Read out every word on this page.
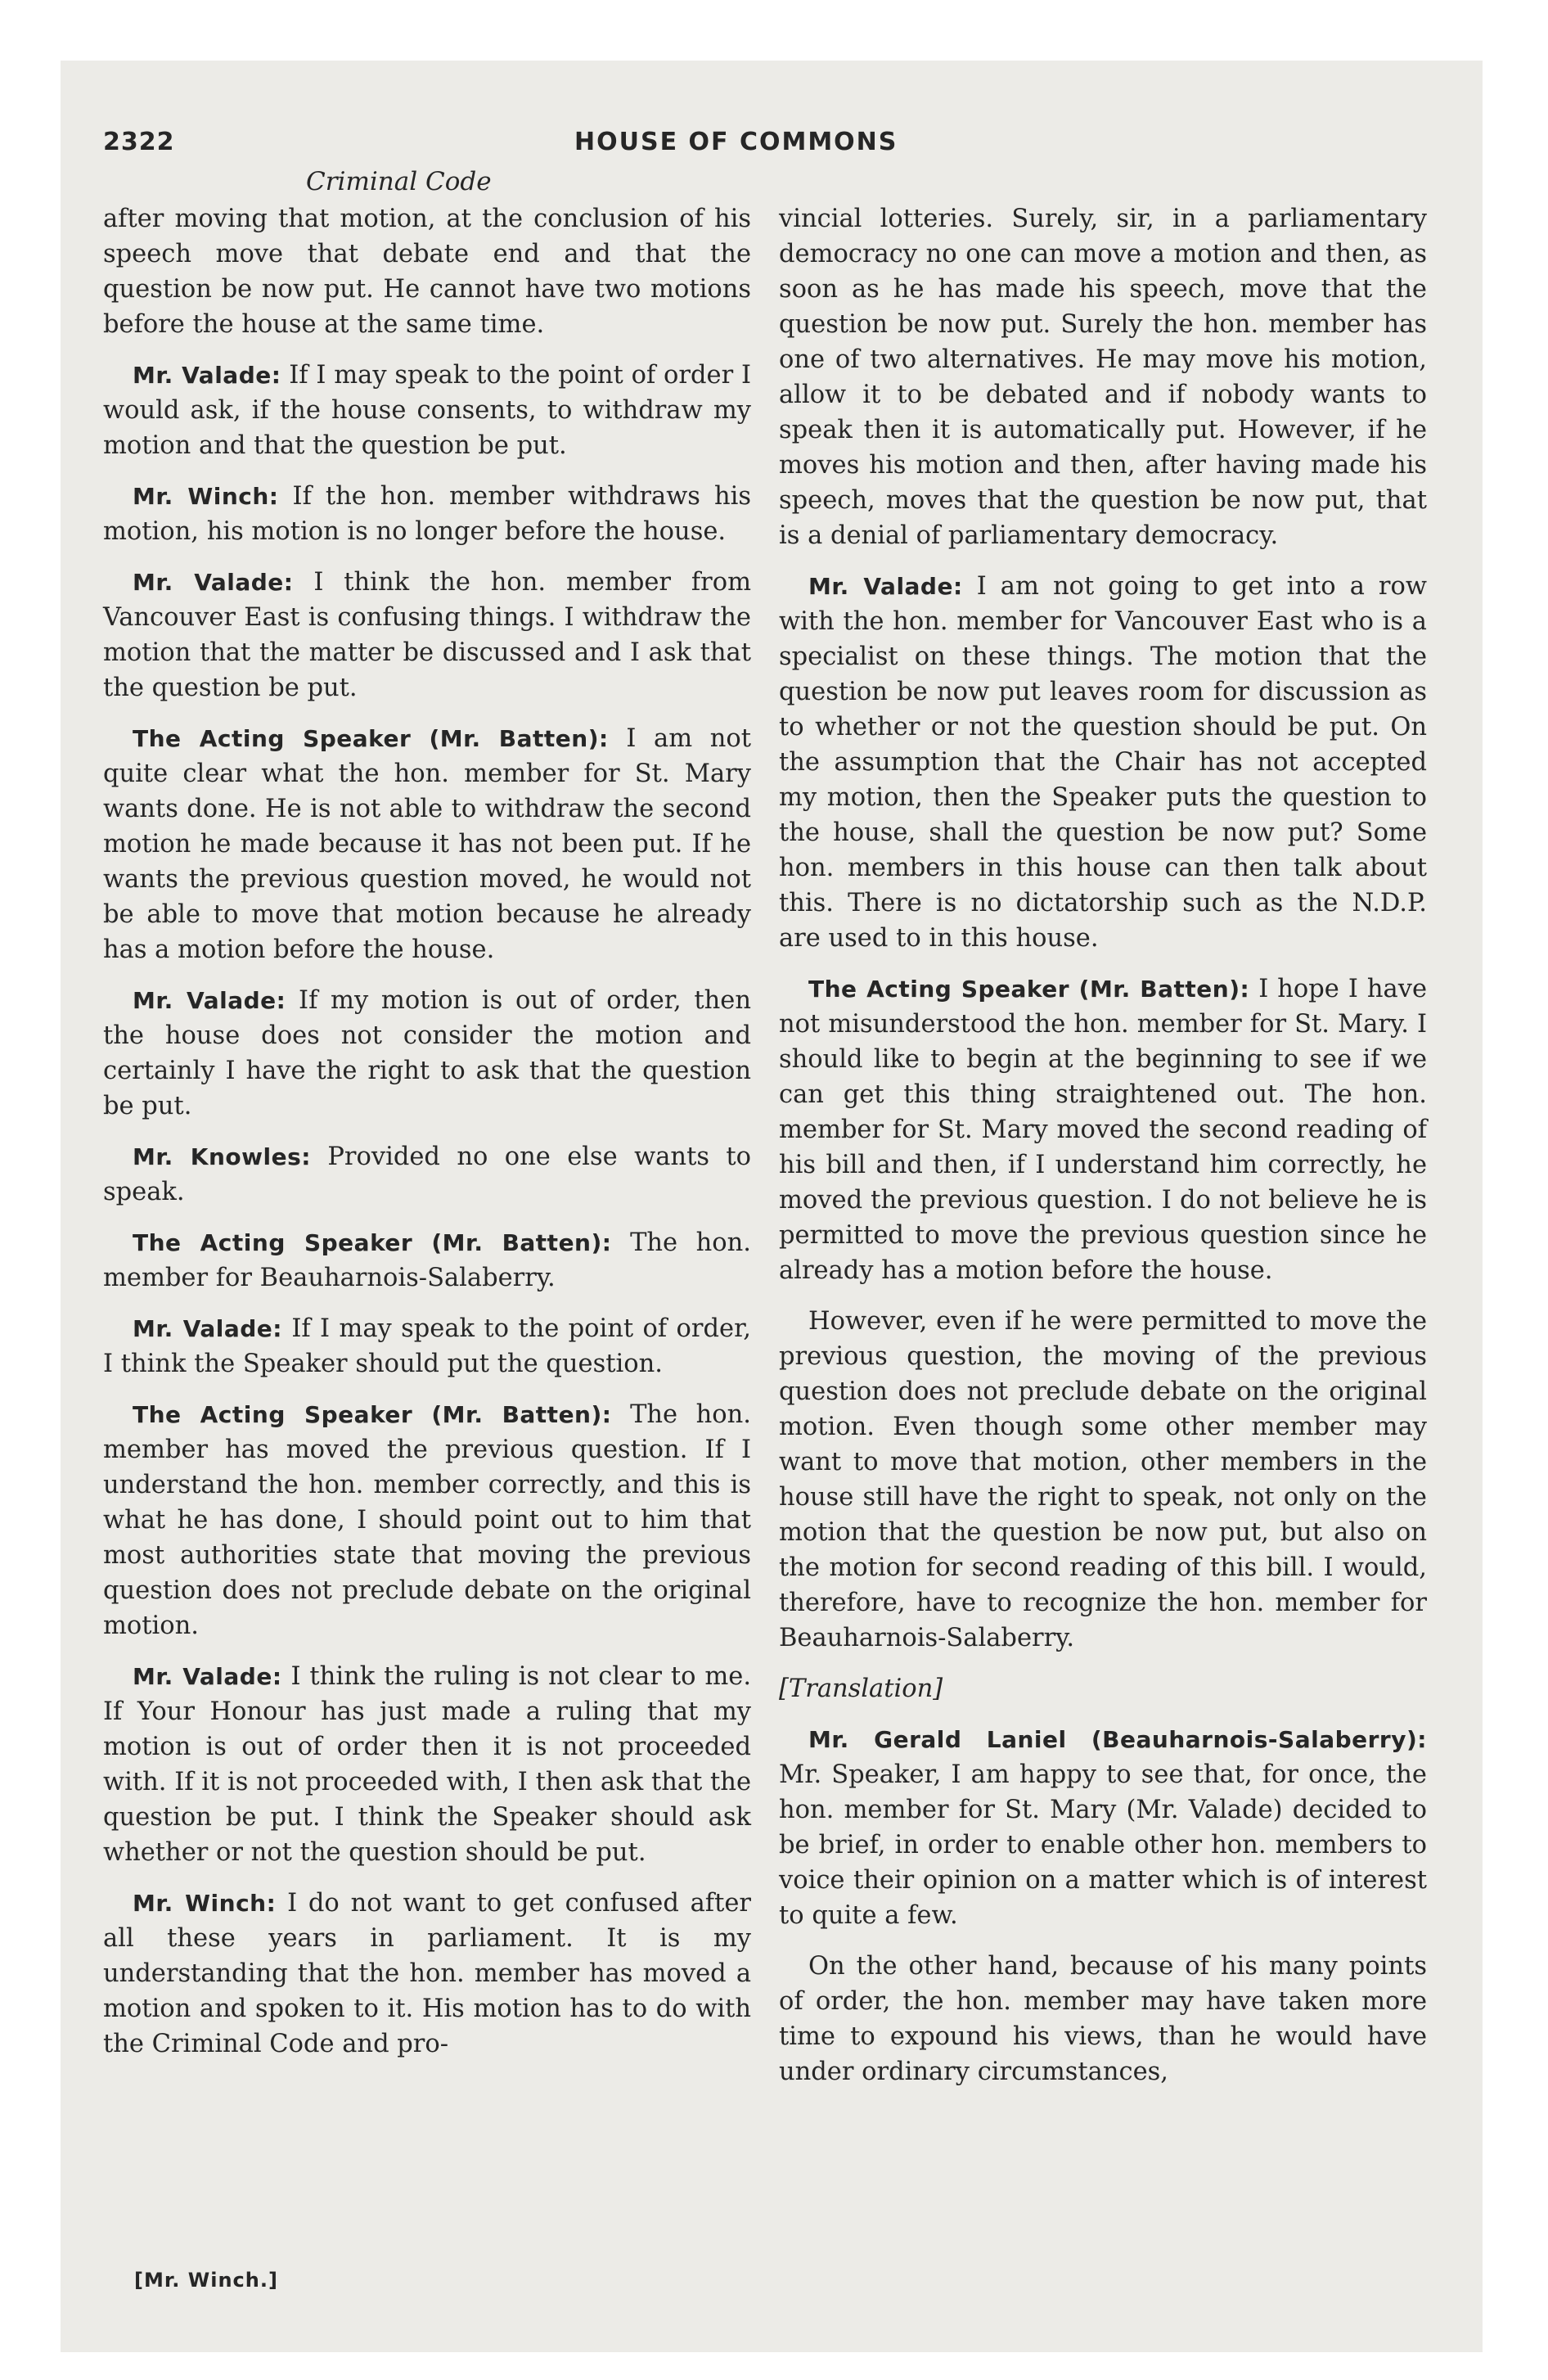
2322	HOUSE OF COMMONS
Criminal Code

after moving that motion, at the conclusion of his speech move that debate end and that the question be now put. He cannot have two motions before the house at the same time.

Mr. Valade: If I may speak to the point of order I would ask, if the house consents, to withdraw my motion and that the question be put.

Mr. Winch: If the hon. member withdraws his motion, his motion is no longer before the house.

Mr. Valade: I think the hon. member from Vancouver East is confusing things. I withdraw the motion that the matter be discussed and I ask that the question be put.

The Acting Speaker (Mr. Batten): I am not quite clear what the hon. member for St. Mary wants done. He is not able to withdraw the second motion he made because it has not been put. If he wants the previous question moved, he would not be able to move that motion because he already has a motion before the house.

Mr. Valade: If my motion is out of order, then the house does not consider the motion and certainly I have the right to ask that the question be put.

Mr. Knowles: Provided no one else wants to speak.

The Acting Speaker (Mr. Batten): The hon. member for Beauharnois-Salaberry.

Mr. Valade: If I may speak to the point of order, I think the Speaker should put the question.

The Acting Speaker (Mr. Batten): The hon. member has moved the previous question. If I understand the hon. member correctly, and this is what he has done, I should point out to him that most authorities state that moving the previous question does not preclude debate on the original motion.

Mr. Valade: I think the ruling is not clear to me. If Your Honour has just made a ruling that my motion is out of order then it is not proceeded with. If it is not proceeded with, I then ask that the question be put. I think the Speaker should ask whether or not the question should be put.

Mr. Winch: I do not want to get confused after all these years in parliament. It is my understanding that the hon. member has moved a motion and spoken to it. His motion has to do with the Criminal Code and pro-

vincial lotteries. Surely, sir, in a parliamentary democracy no one can move a motion and then, as soon as he has made his speech, move that the question be now put. Surely the hon. member has one of two alternatives. He may move his motion, allow it to be debated and if nobody wants to speak then it is automatically put. However, if he moves his motion and then, after having made his speech, moves that the question be now put, that is a denial of parliamentary democracy.

Mr. Valade: I am not going to get into a row with the hon. member for Vancouver East who is a specialist on these things. The motion that the question be now put leaves room for discussion as to whether or not the question should be put. On the assumption that the Chair has not accepted my motion, then the Speaker puts the question to the house, shall the question be now put? Some hon. members in this house can then talk about this. There is no dictatorship such as the N.D.P. are used to in this house.

The Acting Speaker (Mr. Batten): I hope I have not misunderstood the hon. member for St. Mary. I should like to begin at the beginning to see if we can get this thing straightened out. The hon. member for St. Mary moved the second reading of his bill and then, if I understand him correctly, he moved the previous question. I do not believe he is permitted to move the previous question since he already has a motion before the house.

However, even if he were permitted to move the previous question, the moving of the previous question does not preclude debate on the original motion. Even though some other member may want to move that motion, other members in the house still have the right to speak, not only on the motion that the question be now put, but also on the motion for second reading of this bill. I would, therefore, have to recognize the hon. member for Beauharnois-Salaberry.

[Translation]

Mr. Gerald Laniel (Beauharnois-Salaberry): Mr. Speaker, I am happy to see that, for once, the hon. member for St. Mary (Mr. Valade) decided to be brief, in order to enable other hon. members to voice their opinion on a matter which is of interest to quite a few.

On the other hand, because of his many points of order, the hon. member may have taken more time to expound his views, than he would have under ordinary circumstances,

[Mr. Winch.]
